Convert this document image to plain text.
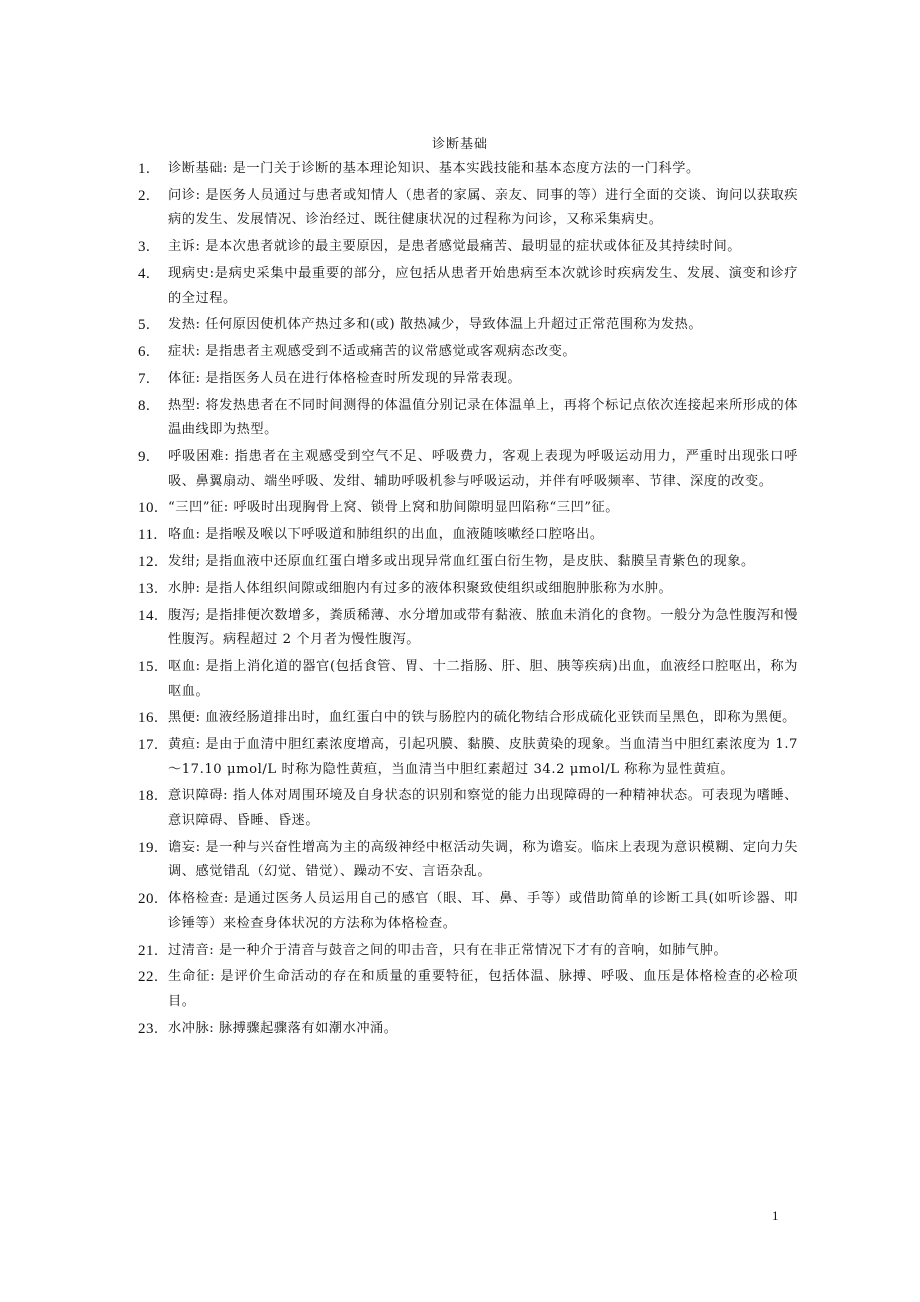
诊断基础
1. 诊断基础: 是一门关于诊断的基本理论知识、基本实践技能和基本态度方法的一门科学。
2. 问诊: 是医务人员通过与患者或知情人（患者的家属、亲友、同事的等）进行全面的交谈、询问以获取疾病的发生、发展情况、诊治经过、既往健康状况的过程称为问诊，又称采集病史。
3. 主诉: 是本次患者就诊的最主要原因，是患者感觉最痛苦、最明显的症状或体征及其持续时间。
4. 现病史:是病史采集中最重要的部分，应包括从患者开始患病至本次就诊时疾病发生、发展、演变和诊疗的全过程。
5. 发热: 任何原因使机体产热过多和(或) 散热减少，导致体温上升超过正常范围称为发热。
6. 症状: 是指患者主观感受到不适或痛苦的议常感觉或客观病态改变。
7. 体征: 是指医务人员在进行体格检查时所发现的异常表现。
8. 热型: 将发热患者在不同时间测得的体温值分别记录在体温单上，再将个标记点依次连接起来所形成的体温曲线即为热型。
9. 呼吸困难: 指患者在主观感受到空气不足、呼吸费力，客观上表现为呼吸运动用力，严重时出现张口呼吸、鼻翼扇动、端坐呼吸、发绀、辅助呼吸机参与呼吸运动，并伴有呼吸频率、节律、深度的改变。
10. “三凹”征: 呼吸时出现胸骨上窝、锁骨上窝和肋间隙明显凹陷称“三凹”征。
11. 咯血: 是指喉及喉以下呼吸道和肺组织的出血，血液随咳嗽经口腔咯出。
12. 发绀; 是指血液中还原血红蛋白增多或出现异常血红蛋白衍生物，是皮肤、黏膜呈青紫色的现象。
13. 水肿: 是指人体组织间隙或细胞内有过多的液体积聚致使组织或细胞肿胀称为水肿。
14. 腹泻; 是指排便次数增多，粪质稀薄、水分增加或带有黏液、脓血未消化的食物。一般分为急性腹泻和慢性腹泻。病程超过 2 个月者为慢性腹泻。
15. 呕血: 是指上消化道的器官(包括食管、胃、十二指肠、肝、胆、胰等疾病)出血，血液经口腔呕出，称为呕血。
16. 黑便: 血液经肠道排出时，血红蛋白中的铁与肠腔内的硫化物结合形成硫化亚铁而呈黑色，即称为黑便。
17. 黄疸: 是由于血清中胆红素浓度增高，引起巩膜、黏膜、皮肤黄染的现象。当血清当中胆红素浓度为 1.7～17.10 μmol/L 时称为隐性黄疸，当血清当中胆红素超过 34.2 μmol/L 称称为显性黄疸。
18. 意识障碍: 指人体对周围环境及自身状态的识别和察觉的能力出现障碍的一种精神状态。可表现为嗜睡、意识障碍、昏睡、昏迷。
19. 谵妄: 是一种与兴奋性增高为主的高级神经中枢活动失调，称为谵妄。临床上表现为意识模糊、定向力失调、感觉错乱（幻觉、错觉）、躁动不安、言语杂乱。
20. 体格检查: 是通过医务人员运用自己的感官（眼、耳、鼻、手等）或借助简单的诊断工具(如听诊器、叩诊锤等）来检查身体状况的方法称为体格检查。
21. 过清音: 是一种介于清音与鼓音之间的叩击音，只有在非正常情况下才有的音响，如肺气肿。
22. 生命征: 是评价生命活动的存在和质量的重要特征，包括体温、脉搏、呼吸、血压是体格检查的必检项目。
23. 水冲脉: 脉搏骤起骤落有如潮水冲涌。
1
